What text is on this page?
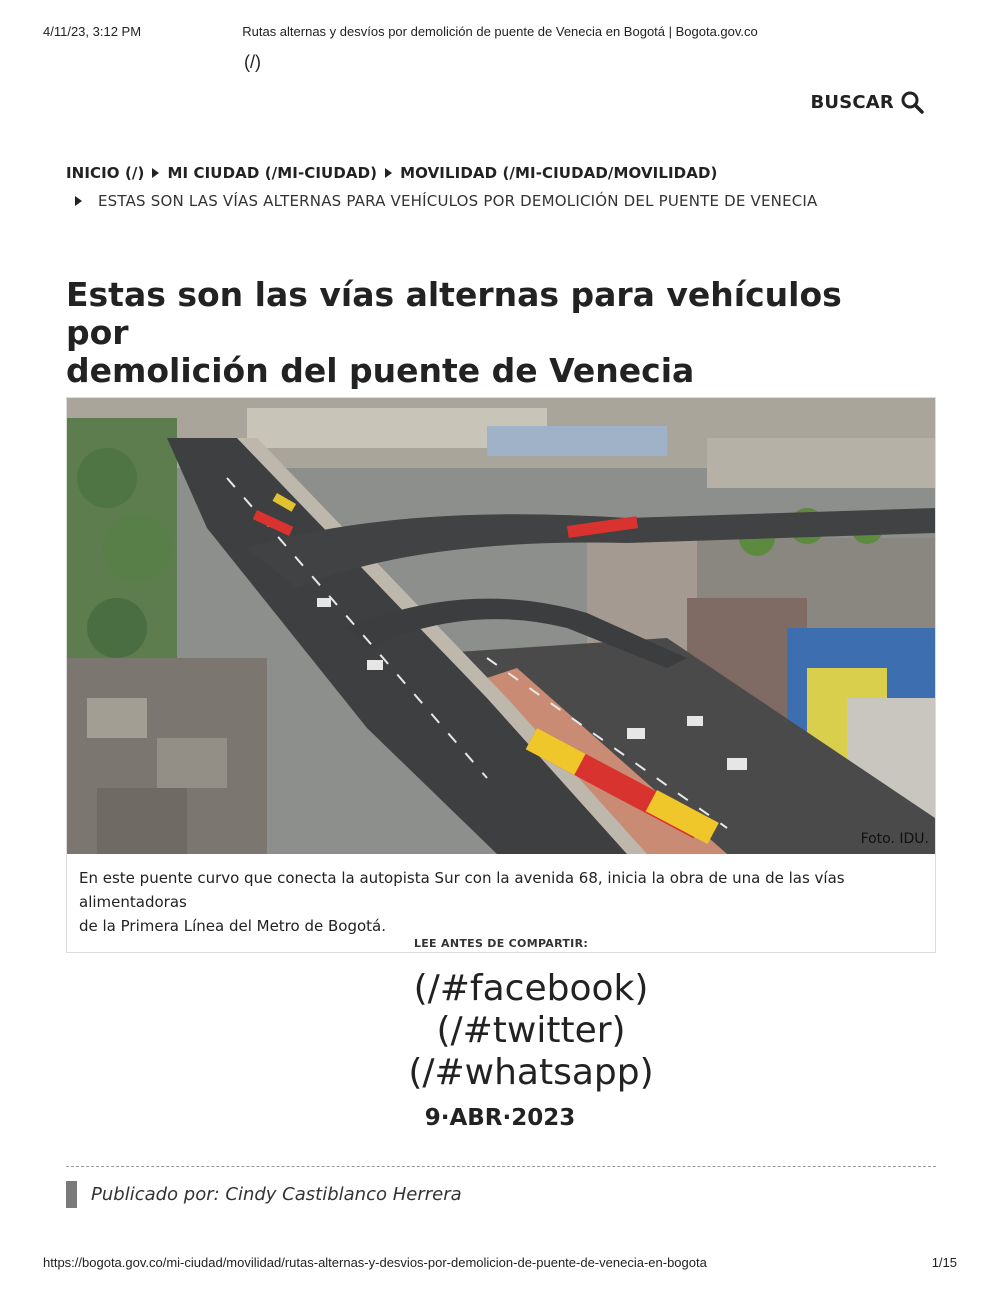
4/11/23, 3:12 PM	Rutas alternas y desvíos por demolición de puente de Venecia en Bogotá | Bogota.gov.co
(/)
BUSCAR
INICIO (/) MI CIUDAD (/MI-CIUDAD) MOVILIDAD (/MI-CIUDAD/MOVILIDAD)
ESTAS SON LAS VÍAS ALTERNAS PARA VEHÍCULOS POR DEMOLICIÓN DEL PUENTE DE VENECIA
Estas son las vías alternas para vehículos por
demolición del puente de Venecia
Foto. IDU.
En este puente curvo que conecta la autopista Sur con la avenida 68, inicia la obra de una de las vías alimentadoras
de la Primera Línea del Metro de Bogotá.
LEE ANTES DE COMPARTIR:
(/#facebook)
(/#twitter)
(/#whatsapp)
9·ABR·2023
Publicado por: Cindy Castiblanco Herrera
https://bogota.gov.co/mi-ciudad/movilidad/rutas-alternas-y-desvios-por-demolicion-de-puente-de-venecia-en-bogota	1/15
